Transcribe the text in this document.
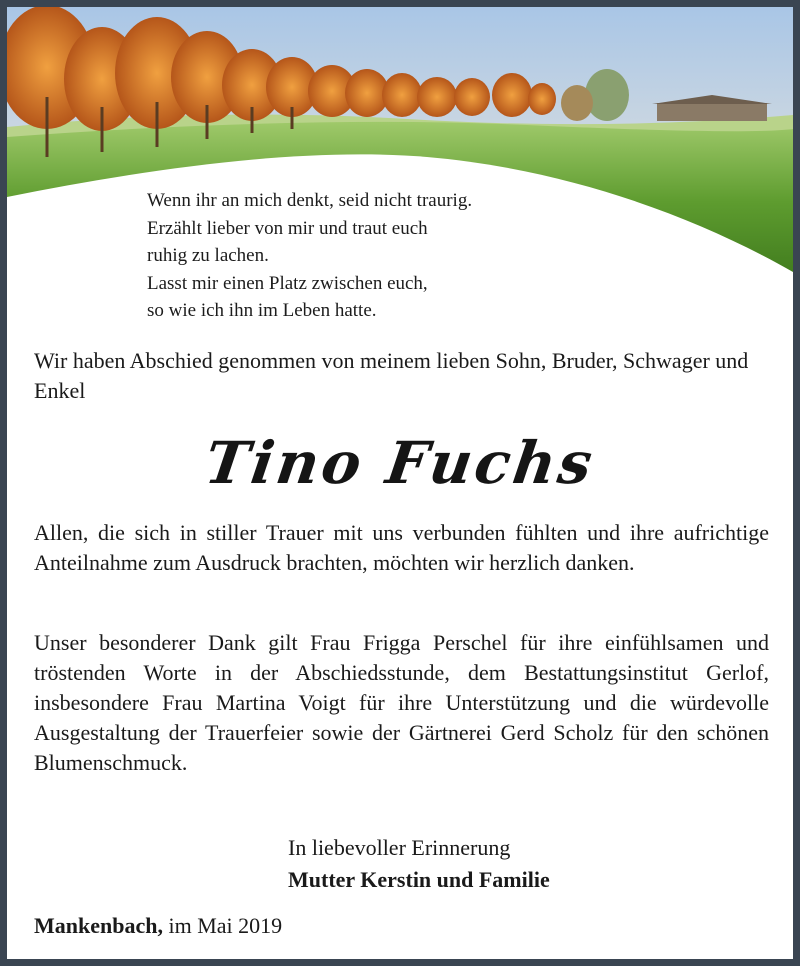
Wenn ihr an mich denkt, seid nicht traurig.
Erzählt lieber von mir und traut euch
ruhig zu lachen.
Lasst mir einen Platz zwischen euch,
so wie ich ihn im Leben hatte.
Wir haben Abschied genommen von meinem lieben Sohn, Bruder, Schwager und Enkel
Tino Fuchs
Allen, die sich in stiller Trauer mit uns verbunden fühlten und ihre aufrichtige Anteilnahme zum Ausdruck brachten, möchten wir herzlich danken.
Unser besonderer Dank gilt Frau Frigga Perschel für ihre einfühlsamen und tröstenden Worte in der Abschiedsstunde, dem Bestattungsinstitut Gerlof, insbesondere Frau Martina Voigt für ihre Unterstützung und die würdevolle Ausgestaltung der Trauerfeier sowie der Gärtnerei Gerd Scholz für den schönen Blumenschmuck.
In liebevoller Erinnerung
Mutter Kerstin und Familie
Mankenbach, im Mai 2019
